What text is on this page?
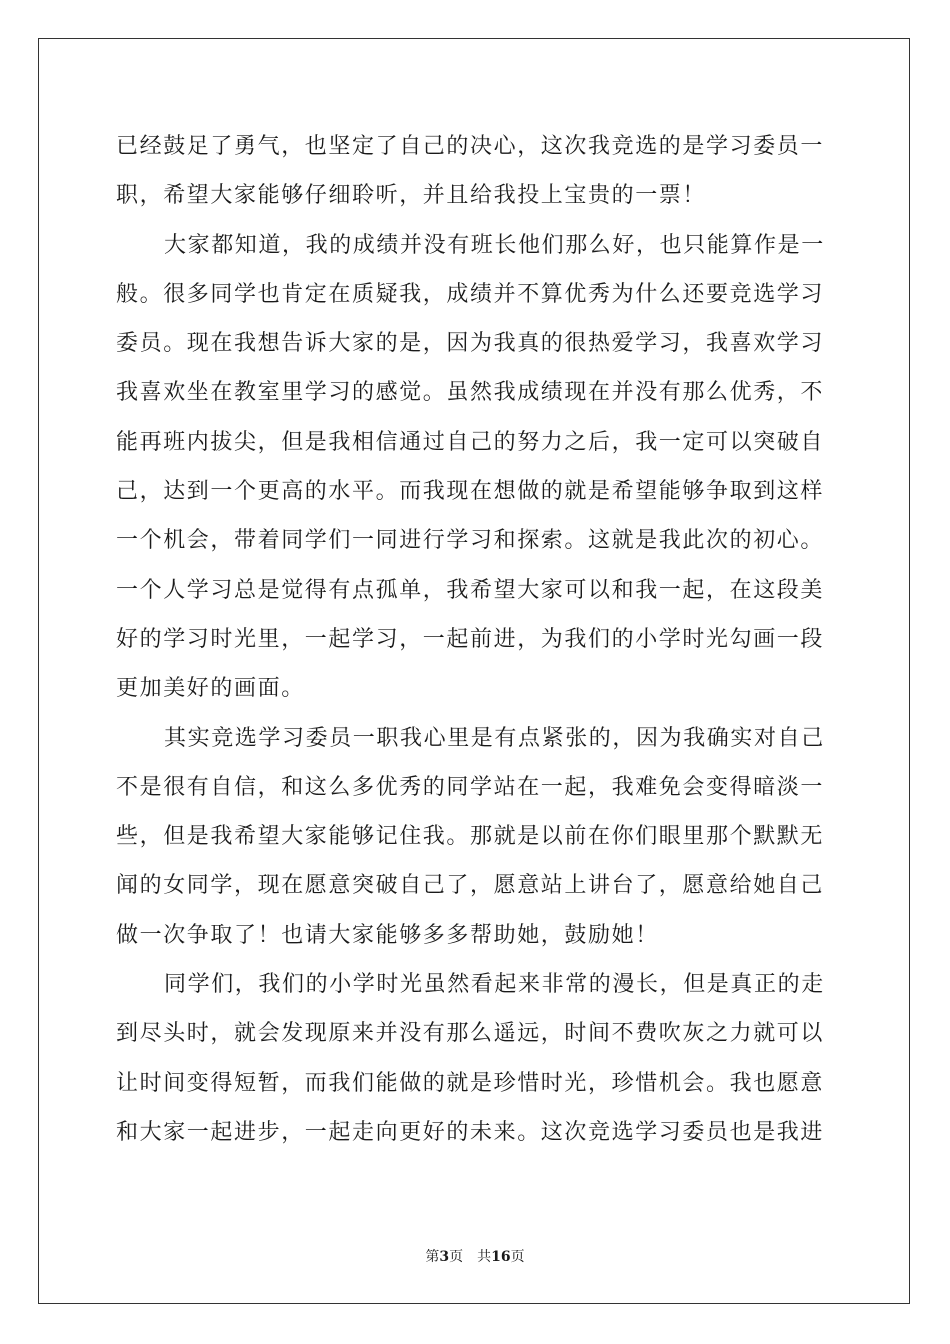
已经鼓足了勇气，也坚定了自己的决心，这次我竞选的是学习委员一
职，希望大家能够仔细聆听，并且给我投上宝贵的一票！
大家都知道，我的成绩并没有班长他们那么好，也只能算作是一
般。很多同学也肯定在质疑我，成绩并不算优秀为什么还要竞选学习
委员。现在我想告诉大家的是，因为我真的很热爱学习，我喜欢学习
我喜欢坐在教室里学习的感觉。虽然我成绩现在并没有那么优秀，不
能再班内拔尖，但是我相信通过自己的努力之后，我一定可以突破自
己，达到一个更高的水平。而我现在想做的就是希望能够争取到这样
一个机会，带着同学们一同进行学习和探索。这就是我此次的初心。
一个人学习总是觉得有点孤单，我希望大家可以和我一起，在这段美
好的学习时光里，一起学习，一起前进，为我们的小学时光勾画一段
更加美好的画面。
其实竞选学习委员一职我心里是有点紧张的，因为我确实对自己
不是很有自信，和这么多优秀的同学站在一起，我难免会变得暗淡一
些，但是我希望大家能够记住我。那就是以前在你们眼里那个默默无
闻的女同学，现在愿意突破自己了，愿意站上讲台了，愿意给她自己
做一次争取了！也请大家能够多多帮助她，鼓励她！
同学们，我们的小学时光虽然看起来非常的漫长，但是真正的走
到尽头时，就会发现原来并没有那么遥远，时间不费吹灰之力就可以
让时间变得短暂，而我们能做的就是珍惜时光，珍惜机会。我也愿意
和大家一起进步，一起走向更好的未来。这次竞选学习委员也是我进
第3页 共16页
